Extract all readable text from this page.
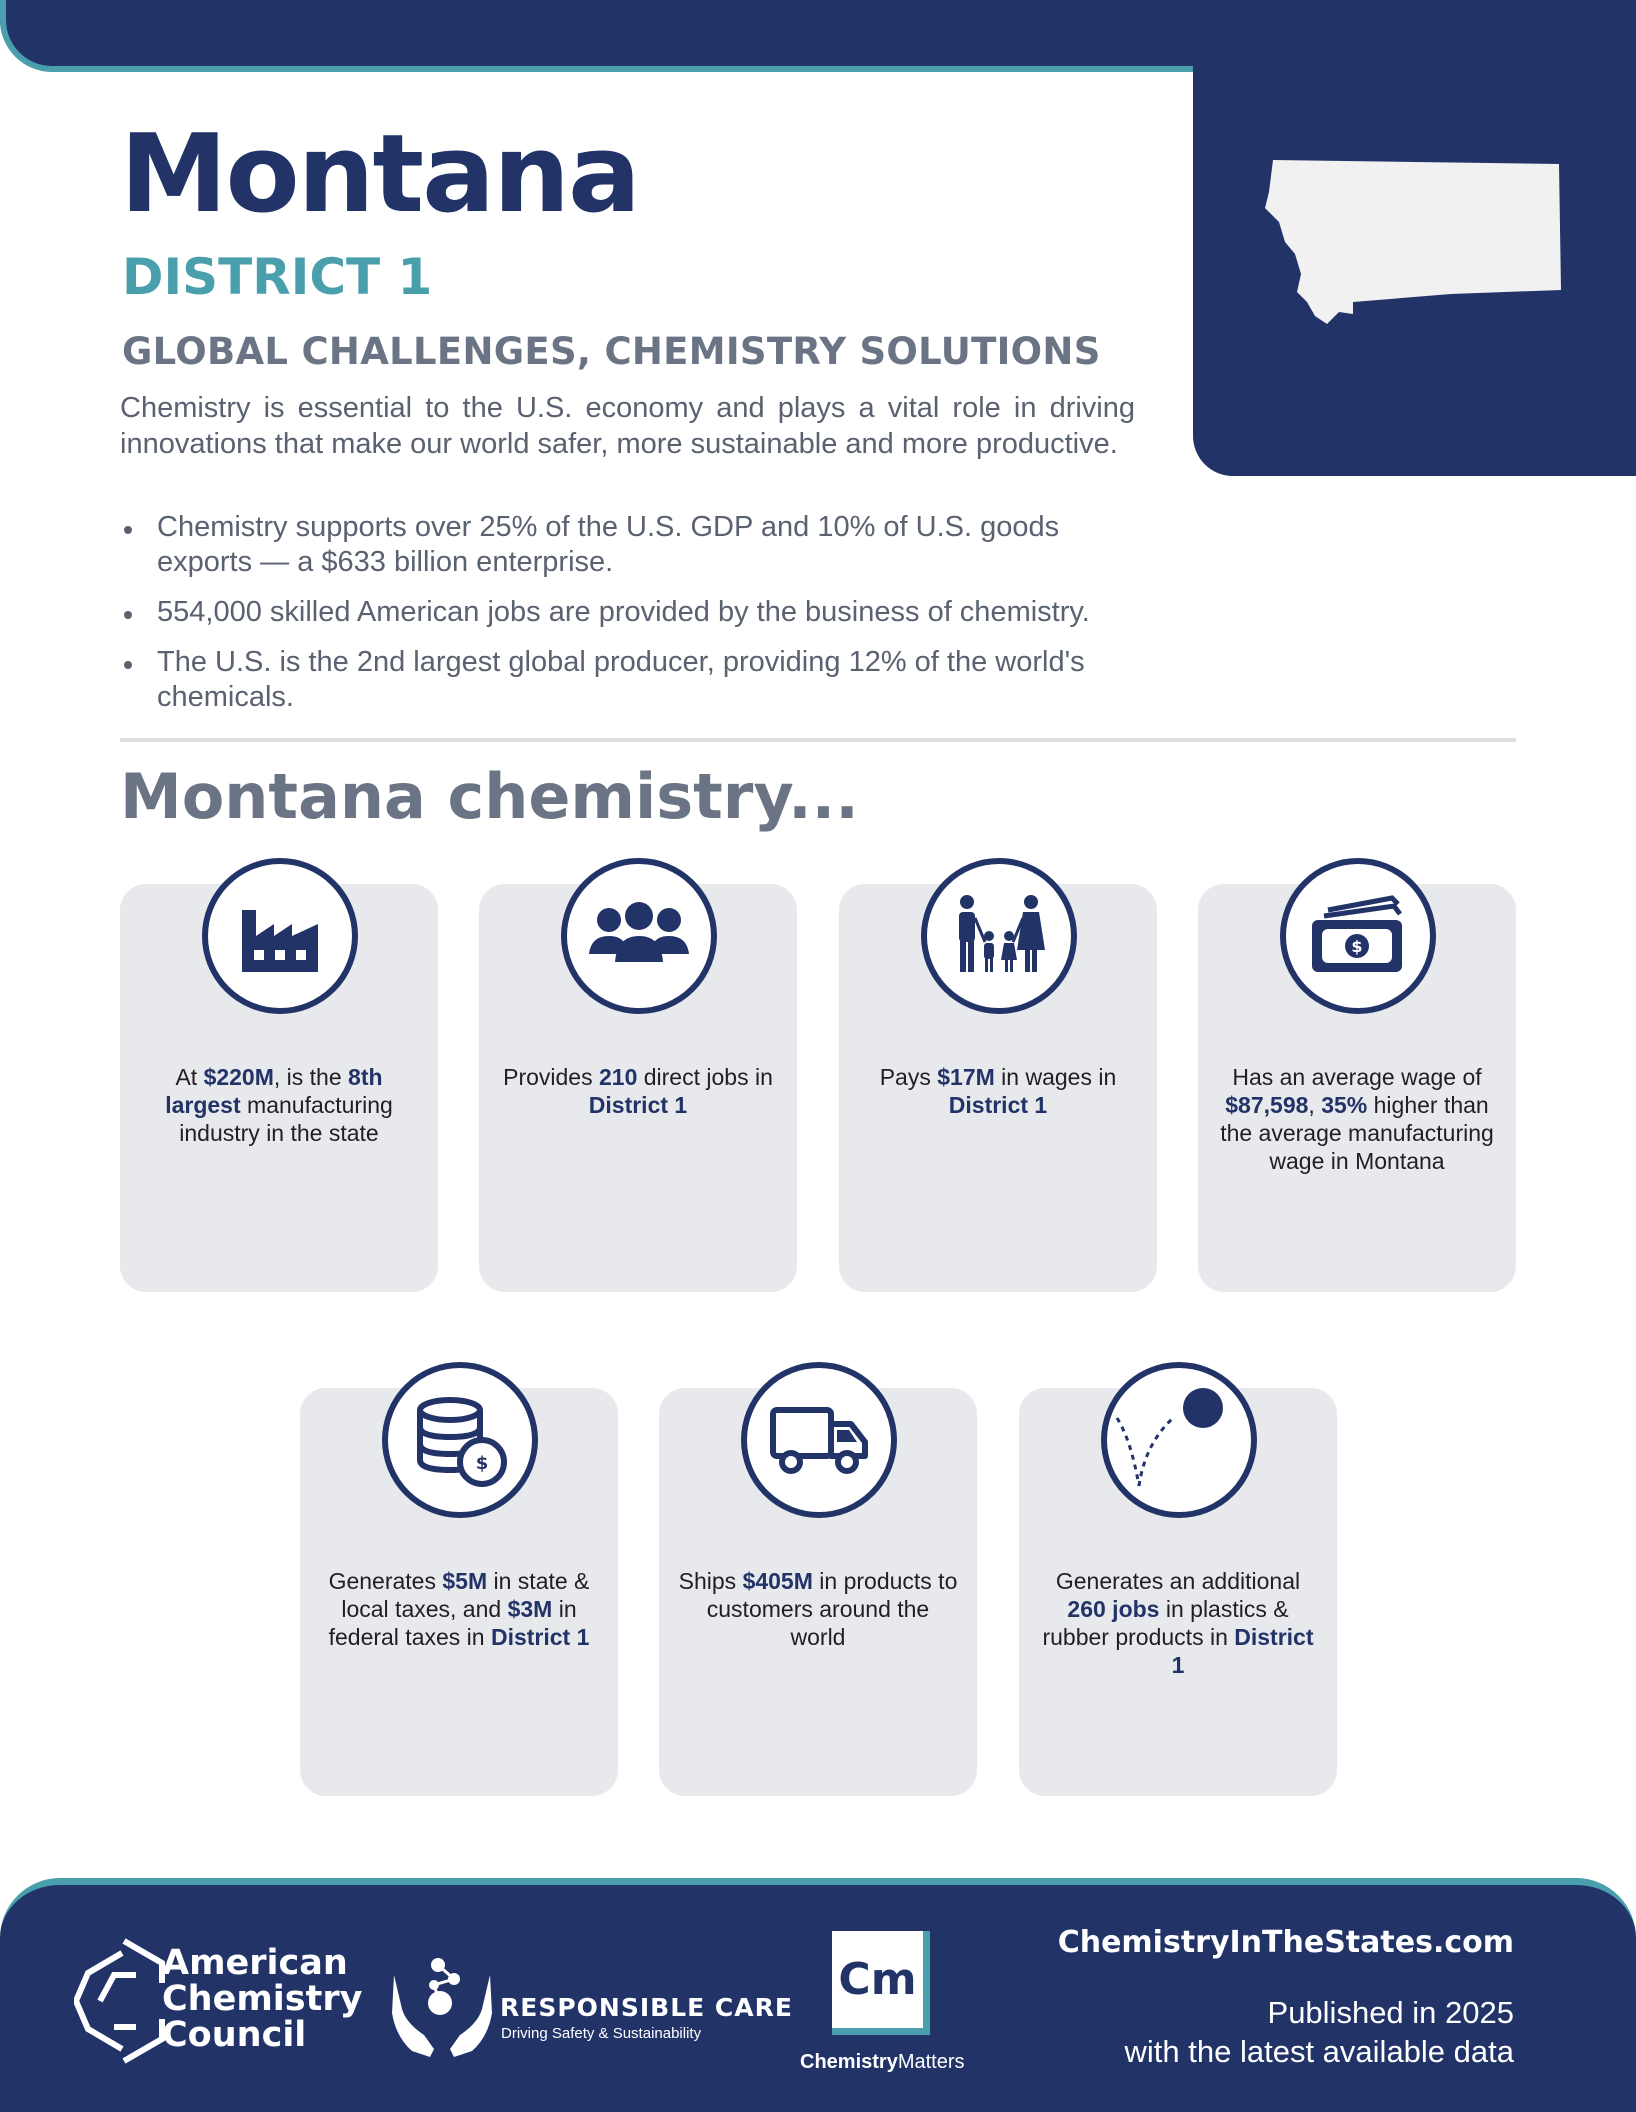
Montana
DISTRICT 1
GLOBAL CHALLENGES, CHEMISTRY SOLUTIONS

Chemistry is essential to the U.S. economy and plays a vital role in driving innovations that make our world safer, more sustainable and more productive.

Chemistry supports over 25% of the U.S. GDP and 10% of U.S. goods exports — a $633 billion enterprise.
554,000 skilled American jobs are provided by the business of chemistry.
The U.S. is the 2nd largest global producer, providing 12% of the world's chemicals.
Montana chemistry...
At $220M, is the 8th largest manufacturing industry in the state
Provides 210 direct jobs in District 1
Pays $17M in wages in
District 1
$
Has an average wage of $87,598, 35% higher than the average manufacturing wage in Montana
$
Generates $5M in state & local taxes, and $3M in federal taxes in District 1
Ships $405M in products to customers around the world
Generates an additional 260 jobs in plastics & rubber products in District 1
American
Chemistry
Council
RESPONSIBLE CARE
Driving Safety & Sustainability
Cm
ChemistryMatters
ChemistryInTheStates.com
Published in 2025
with the latest available data
